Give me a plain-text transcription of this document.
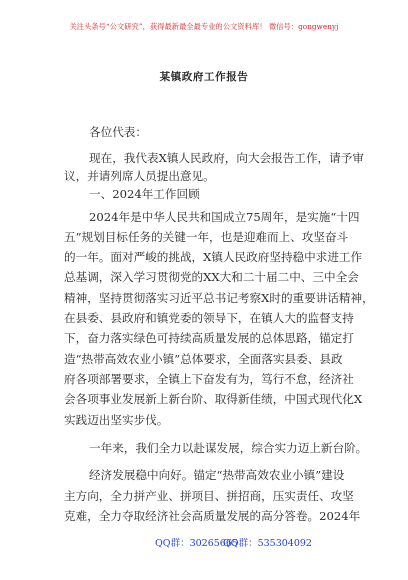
关注头条号“公文研究”，获得最新最全最专业的公文资料库！ 微信号：gongwenyj
某镇政府工作报告
各位代表：
现在，我代表X镇人民政府，向大会报告工作，请予审
议，并请列席人员提出意见。
一、2024年工作回顾
2024年是中华人民共和国成立75周年，是实施“十四
五”规划目标任务的关键一年，也是迎难而上、攻坚奋斗
的一年。面对严峻的挑战，X镇人民政府坚持稳中求进工作
总基调，深入学习贯彻党的XX大和二十届二中、三中全会
精神，坚持贯彻落实习近平总书记考察X时的重要讲话精神，
在县委、县政府和镇党委的领导下，在镇人大的监督支持
下，奋力落实绿色可持续高质量发展的总体思路，锚定打
造“热带高效农业小镇”总体要求，全面落实县委、县政
府各项部署要求，全镇上下奋发有为，笃行不怠，经济社
会各项事业发展新上新台阶、取得新佳绩，中国式现代化X
实践迈出坚实步伐。
一年来，我们全力以赴谋发展，综合实力迈上新台阶。
经济发展稳中向好。锚定“热带高效农业小镇”建设
主方向，全力拼产业、拼项目、拼招商，压实责任、攻坚
克难，全力夺取经济社会高质量发展的高分答卷。2024年
QQ群：30265665
QQ群：535304092
